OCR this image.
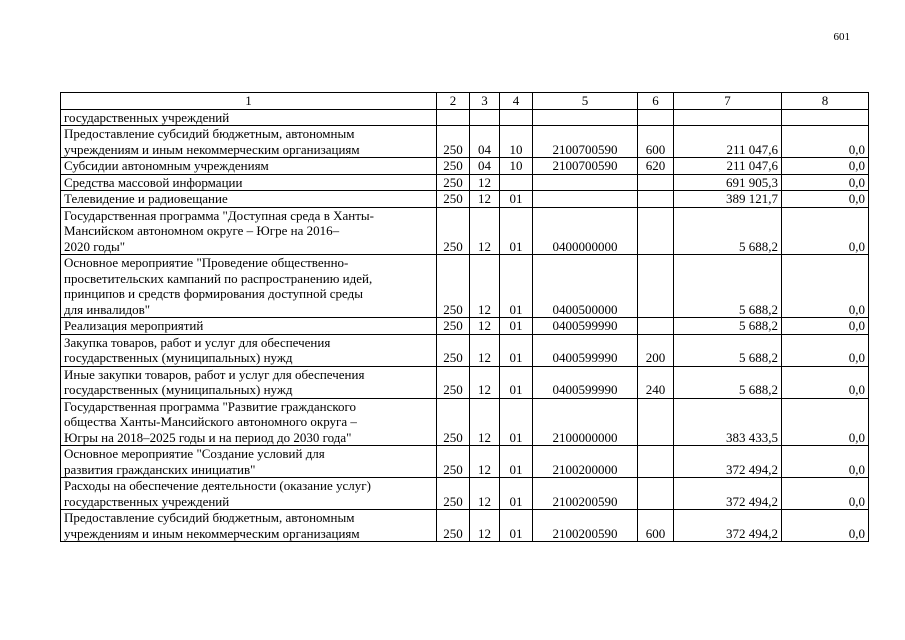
601
1	2	3	4	5	6	7	8

государственных учреждений							

Предоставление субсидий бюджетным, автономным
учреждениям и иным некоммерческим организациям	250	04	10	2100700590	600	211 047,6	0,0

Субсидии автономным учреждениям	250	04	10	2100700590	620	211 047,6	0,0

Средства массовой информации	250	12				691 905,3	0,0

Телевидение и радиовещание	250	12	01			389 121,7	0,0

Государственная программа "Доступная среда в Ханты-
Мансийском автономном округе – Югре на 2016–
2020 годы"	250	12	01	0400000000		5 688,2	0,0

Основное мероприятие "Проведение общественно-
просветительских кампаний по распространению идей,
принципов и средств формирования доступной среды
для инвалидов"	250	12	01	0400500000		5 688,2	0,0

Реализация мероприятий	250	12	01	0400599990		5 688,2	0,0

Закупка товаров, работ и услуг для обеспечения
государственных (муниципальных) нужд	250	12	01	0400599990	200	5 688,2	0,0

Иные закупки товаров, работ и услуг для обеспечения
государственных (муниципальных) нужд	250	12	01	0400599990	240	5 688,2	0,0

Государственная программа "Развитие гражданского
общества Ханты-Мансийского автономного округа –
Югры на 2018–2025 годы и на период до 2030 года"	250	12	01	2100000000		383 433,5	0,0

Основное мероприятие "Создание условий для
развития гражданских инициатив"	250	12	01	2100200000		372 494,2	0,0

Расходы на обеспечение деятельности (оказание услуг)
государственных учреждений	250	12	01	2100200590		372 494,2	0,0

Предоставление субсидий бюджетным, автономным
учреждениям и иным некоммерческим организациям	250	12	01	2100200590	600	372 494,2	0,0
